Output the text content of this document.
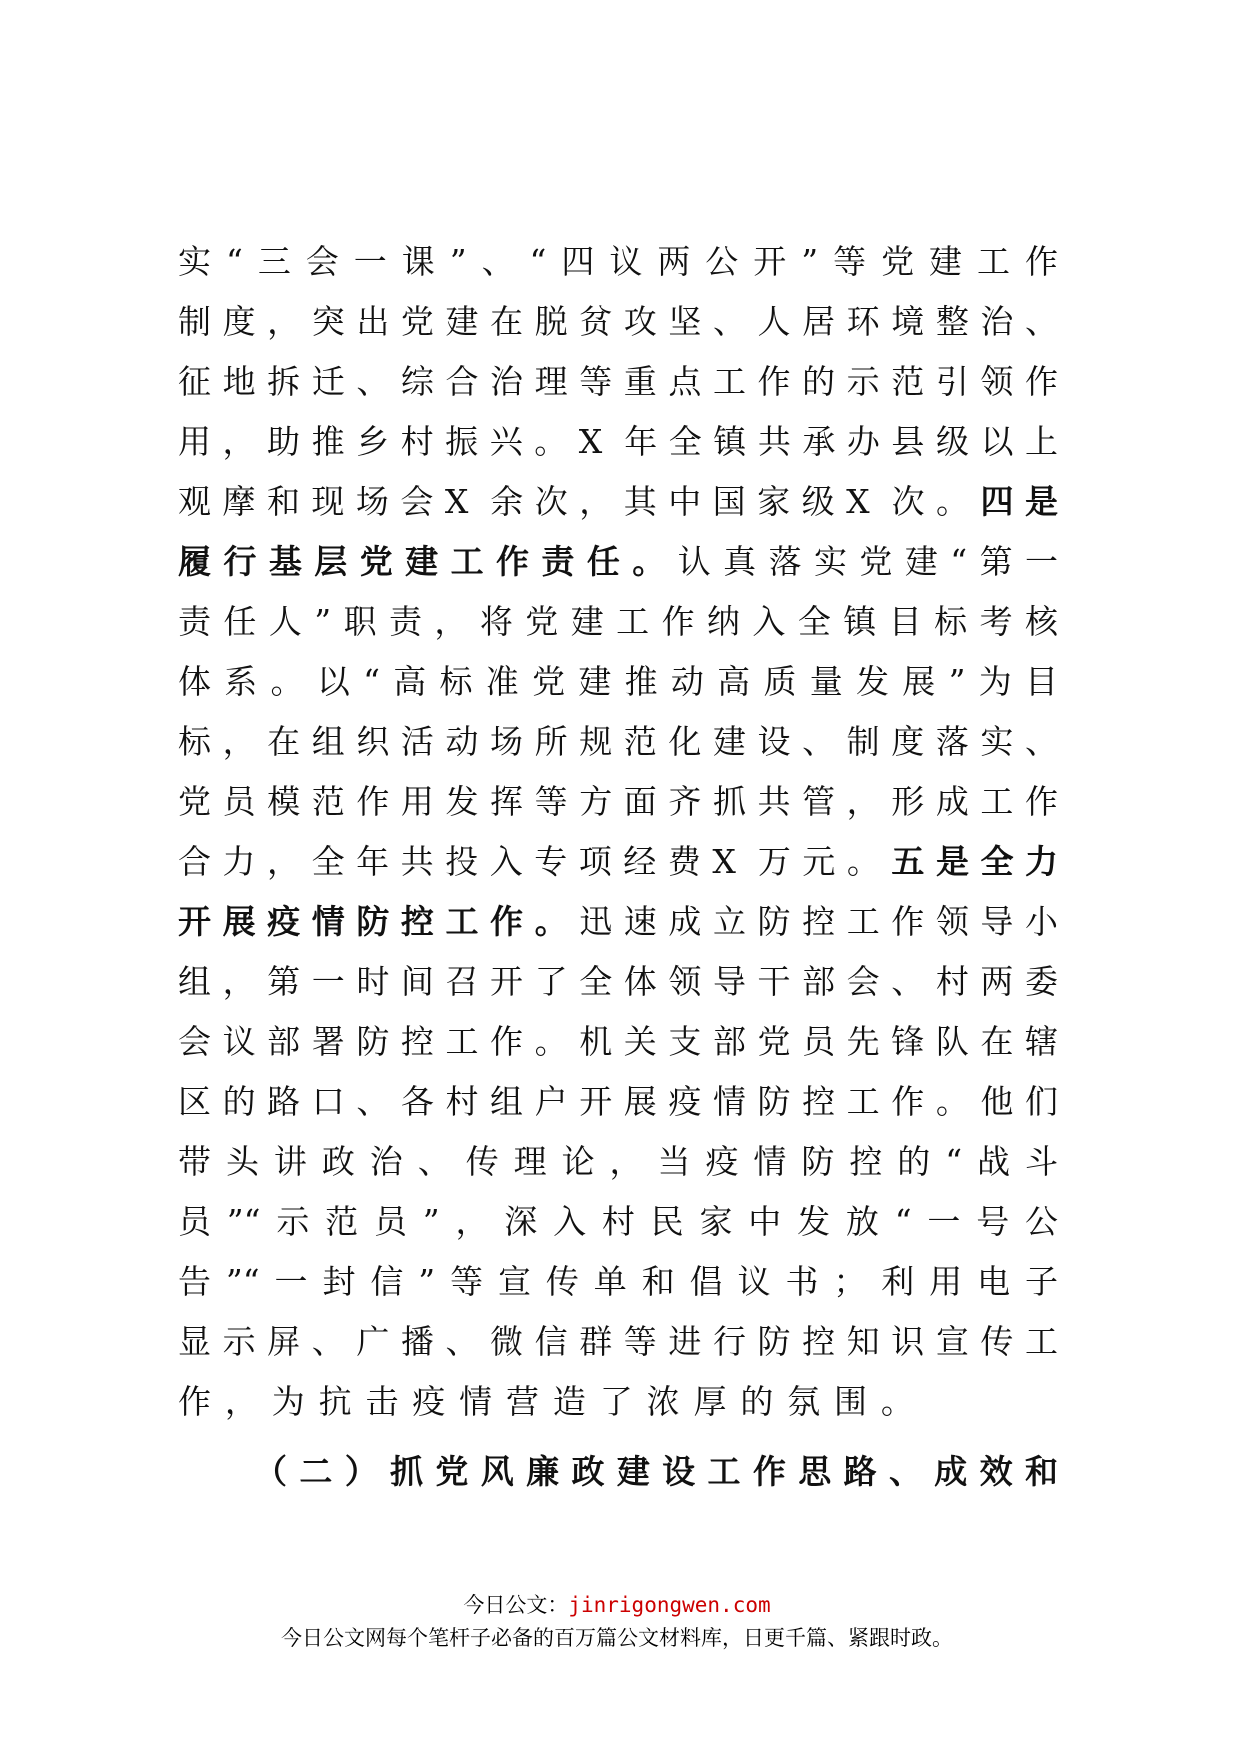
实“三会一课”、“四议两公开”等党建工作
制度，突出党建在脱贫攻坚、人居环境整治、
征地拆迁、综合治理等重点工作的示范引领作
用，助推乡村振兴。X 年全镇共承办县级以上
观摩和现场会X 余次，其中国家级X 次。四是
履行基层党建工作责任。认真落实党建“第一
责任人”职责，将党建工作纳入全镇目标考核
体系。以“高标准党建推动高质量发展”为目
标，在组织活动场所规范化建设、制度落实、
党员模范作用发挥等方面齐抓共管，形成工作
合力，全年共投入专项经费X 万元。五是全力
开展疫情防控工作。迅速成立防控工作领导小
组，第一时间召开了全体领导干部会、村两委
会议部署防控工作。机关支部党员先锋队在辖
区的路口、各村组户开展疫情防控工作。他们
带头讲政治、传理论，当疫情防控的“战斗
员”“示范员”，深入村民家中发放“一号公
告”“一封信”等宣传单和倡议书；利用电子
显示屏、广播、微信群等进行防控知识宣传工
作，为抗击疫情营造了浓厚的氛围。
（二）抓党风廉政建设工作思路、成效和
今日公文：jinrigongwen.com
今日公文网每个笔杆子必备的百万篇公文材料库，日更千篇、紧跟时政。
